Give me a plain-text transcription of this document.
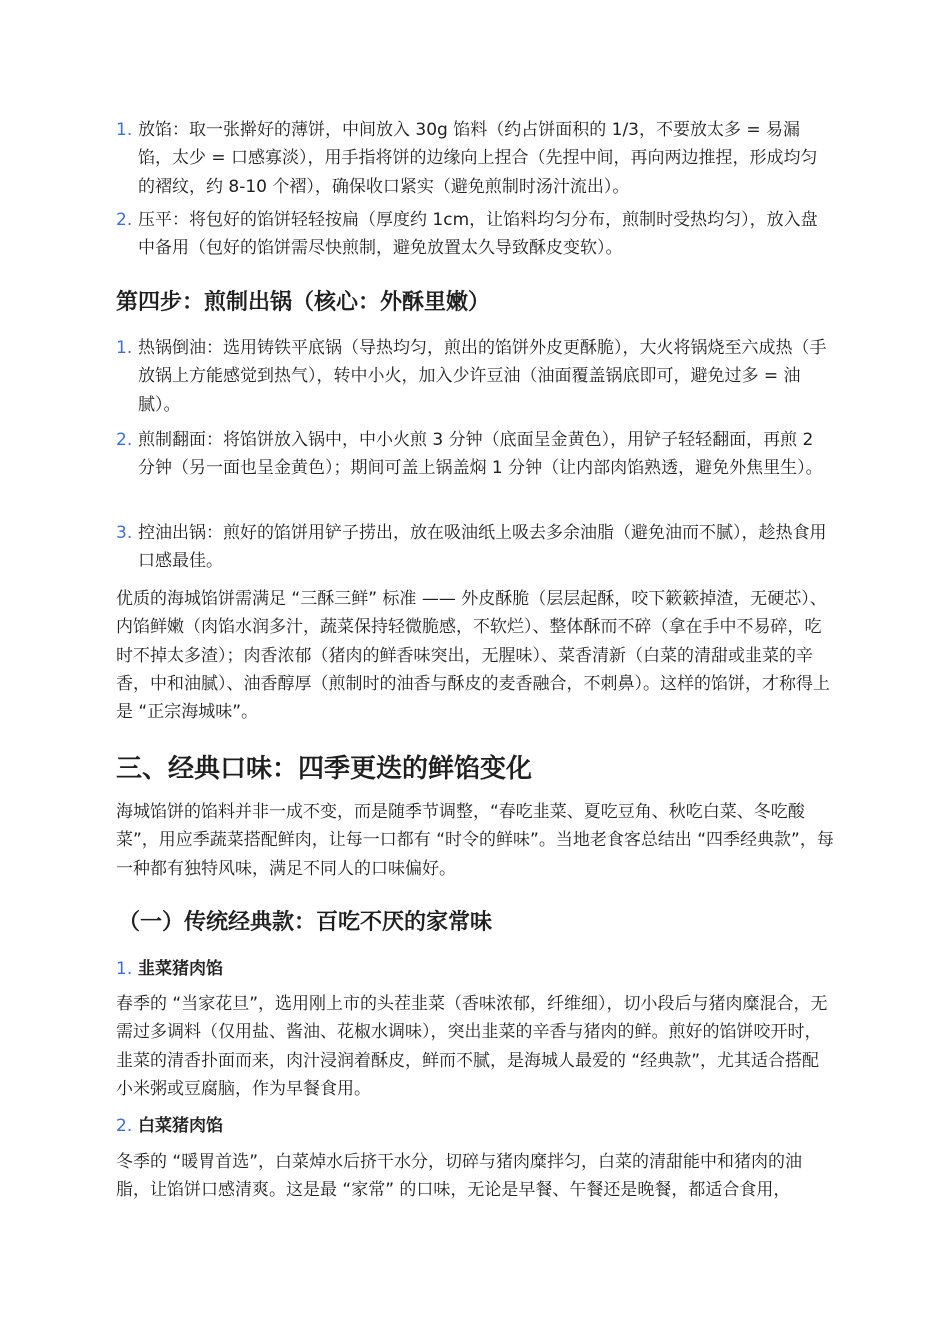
1. 放馅：取一张擀好的薄饼，中间放入 30g 馅料（约占饼面积的 1/3，不要放太多 = 易漏馅，太少 = 口感寡淡），用手指将饼的边缘向上捏合（先捏中间，再向两边推捏，形成均匀的褶纹，约 8-10 个褶），确保收口紧实（避免煎制时汤汁流出）。
2. 压平：将包好的馅饼轻轻按扁（厚度约 1cm，让馅料均匀分布，煎制时受热均匀），放入盘中备用（包好的馅饼需尽快煎制，避免放置太久导致酥皮变软）。
第四步：煎制出锅（核心：外酥里嫩）
1. 热锅倒油：选用铸铁平底锅（导热均匀，煎出的馅饼外皮更酥脆），大火将锅烧至六成热（手放锅上方能感觉到热气），转中小火，加入少许豆油（油面覆盖锅底即可，避免过多 = 油腻）。
2. 煎制翻面：将馅饼放入锅中，中小火煎 3 分钟（底面呈金黄色），用铲子轻轻翻面，再煎 2 分钟（另一面也呈金黄色）；期间可盖上锅盖焖 1 分钟（让内部肉馅熟透，避免外焦里生）。
3. 控油出锅：煎好的馅饼用铲子捞出，放在吸油纸上吸去多余油脂（避免油而不腻），趁热食用口感最佳。

优质的海城馅饼需满足 “三酥三鲜” 标准 —— 外皮酥脆（层层起酥，咬下簌簌掉渣，无硬芯）、内馅鲜嫩（肉馅水润多汁，蔬菜保持轻微脆感，不软烂）、整体酥而不碎（拿在手中不易碎，吃时不掉太多渣）；肉香浓郁（猪肉的鲜香味突出，无腥味）、菜香清新（白菜的清甜或韭菜的辛香，中和油腻）、油香醇厚（煎制时的油香与酥皮的麦香融合，不刺鼻）。这样的馅饼，才称得上是 “正宗海城味”。

三、经典口味：四季更迭的鲜馅变化

海城馅饼的馅料并非一成不变，而是随季节调整，“春吃韭菜、夏吃豆角、秋吃白菜、冬吃酸菜”，用应季蔬菜搭配鲜肉，让每一口都有 “时令的鲜味”。当地老食客总结出 “四季经典款”，每一种都有独特风味，满足不同人的口味偏好。

（一）传统经典款：百吃不厌的家常味
1. 韭菜猪肉馅

春季的 “当家花旦”，选用刚上市的头茬韭菜（香味浓郁，纤维细），切小段后与猪肉糜混合，无需过多调料（仅用盐、酱油、花椒水调味），突出韭菜的辛香与猪肉的鲜。煎好的馅饼咬开时，韭菜的清香扑面而来，肉汁浸润着酥皮，鲜而不腻，是海城人最爱的 “经典款”，尤其适合搭配小米粥或豆腐脑，作为早餐食用。

2. 白菜猪肉馅

冬季的 “暖胃首选”，白菜焯水后挤干水分，切碎与猪肉糜拌匀，白菜的清甜能中和猪肉的油脂，让馅饼口感清爽。这是最 “家常” 的口味，无论是早餐、午餐还是晚餐，都适合食用，
